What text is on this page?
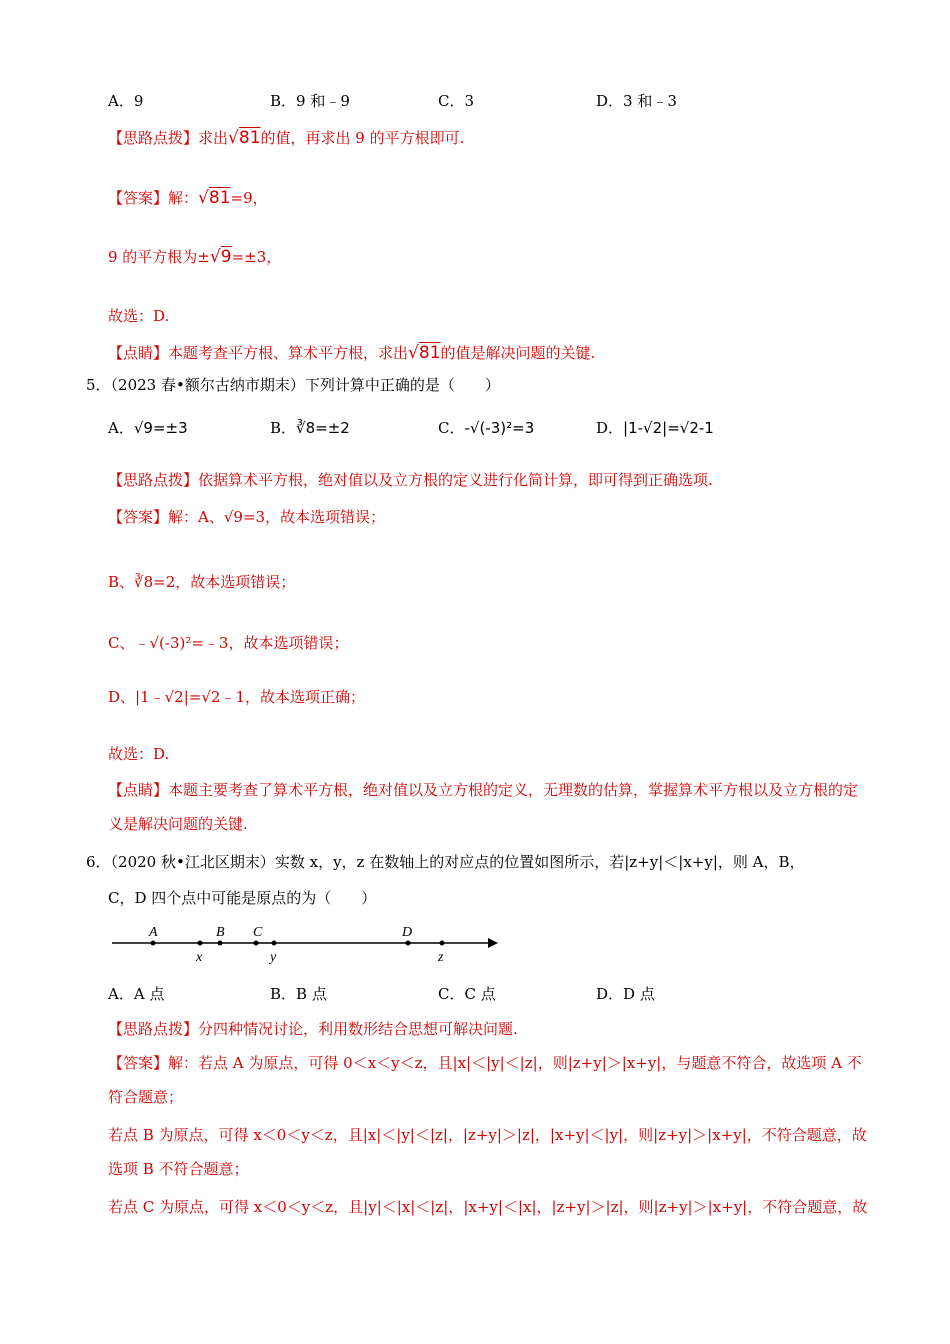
A．9	B．9 和﹣9	C．3	D．3 和﹣3
【思路点拨】求出√81的值，再求出 9 的平方根即可.
【答案】解：√81=9，
9 的平方根为±√9=±3，
故选：D.
【点睛】本题考查平方根、算术平方根，求出√81的值是解决问题的关键.
5．（2023 春•额尔古纳市期末）下列计算中正确的是（　　）
A．√9=±3	B．∛8=±2	C．-√(-3)²=3	D．|1-√2|=√2-1
【思路点拨】依据算术平方根，绝对值以及立方根的定义进行化简计算，即可得到正确选项.
【答案】解：A、√9=3，故本选项错误；
B、∛8=2，故本选项错误；
C、﹣√(-3)²=﹣3，故本选项错误；
D、|1﹣√2|=√2﹣1，故本选项正确；
故选：D.
【点睛】本题主要考查了算术平方根，绝对值以及立方根的定义，无理数的估算，掌握算术平方根以及立方根的定义是解决问题的关键.
6．（2020 秋•江北区期末）实数 x，y，z 在数轴上的对应点的位置如图所示，若|z+y|＜|x+y|，则 A，B，
C，D 四个点中可能是原点的为（　　）
A	B C	D
x	y	z
A．A 点	B．B 点	C．C 点	D．D 点
【思路点拨】分四种情况讨论，利用数形结合思想可解决问题.
【答案】解：若点 A 为原点，可得 0＜x＜y＜z，且|x|＜|y|＜|z|，则|z+y|＞|x+y|，与题意不符合，故选项 A 不符合题意；
若点 B 为原点，可得 x＜0＜y＜z，且|x|＜|y|＜|z|，|z+y|＞|z|，|x+y|＜|y|，则|z+y|＞|x+y|，不符合题意，故选项 B 不符合题意；
若点 C 为原点，可得 x＜0＜y＜z，且|y|＜|x|＜|z|，|x+y|＜|x|，|z+y|＞|z|，则|z+y|＞|x+y|，不符合题意，故
